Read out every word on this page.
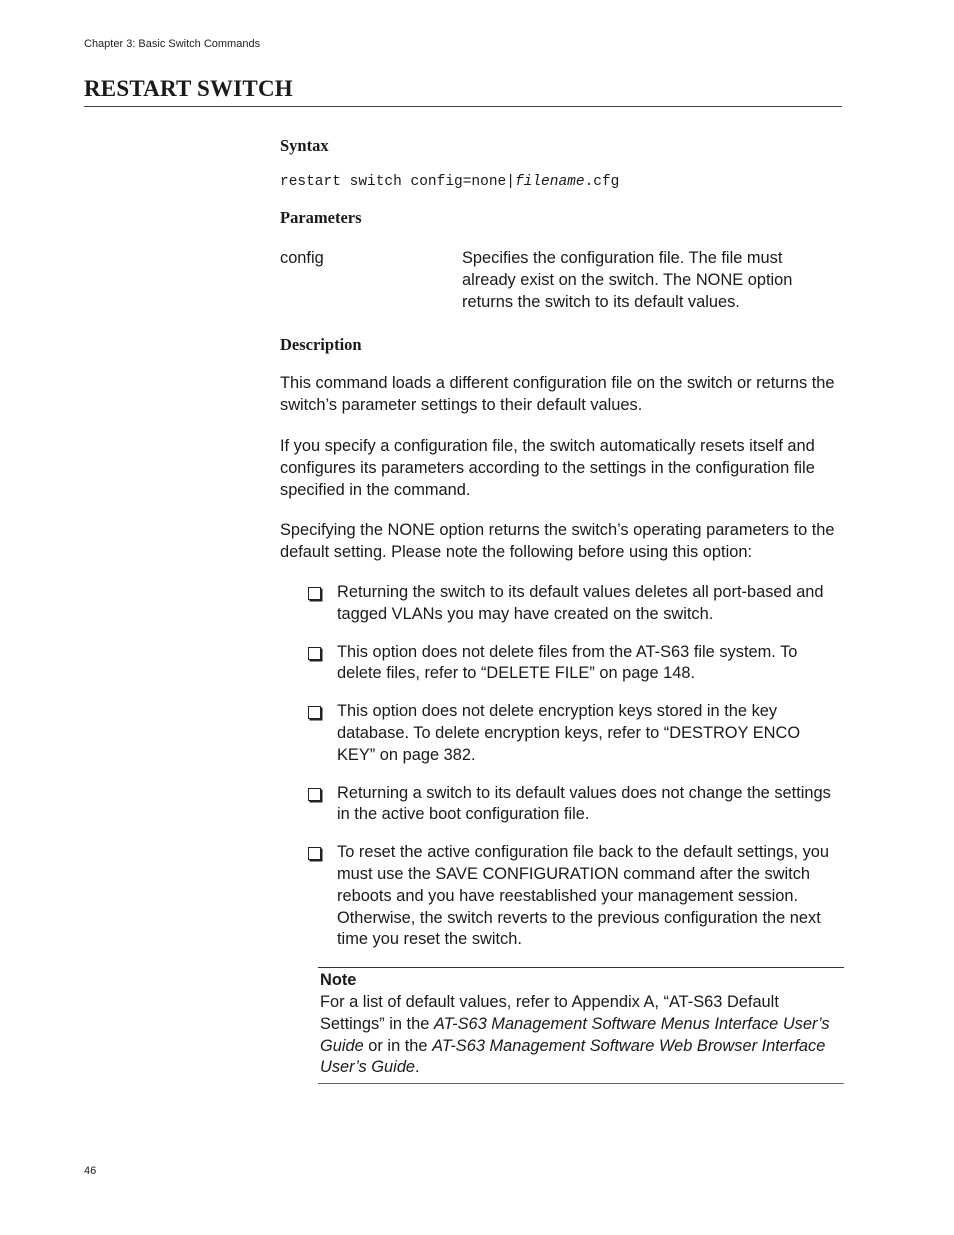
Chapter 3: Basic Switch Commands
RESTART SWITCH
Syntax
restart switch config=none|filename.cfg
Parameters
config	Specifies the configuration file. The file must already exist on the switch. The NONE option returns the switch to its default values.
Description

This command loads a different configuration file on the switch or returns the switch’s parameter settings to their default values.

If you specify a configuration file, the switch automatically resets itself and configures its parameters according to the settings in the configuration file specified in the command.

Specifying the NONE option returns the switch’s operating parameters to the default setting. Please note the following before using this option:

Returning the switch to its default values deletes all port-based and tagged VLANs you may have created on the switch.
This option does not delete files from the AT-S63 file system. To delete files, refer to “DELETE FILE” on page 148.
This option does not delete encryption keys stored in the key database. To delete encryption keys, refer to “DESTROY ENCO KEY” on page 382.
Returning a switch to its default values does not change the settings in the active boot configuration file.
To reset the active configuration file back to the default settings, you must use the SAVE CONFIGURATION command after the switch reboots and you have reestablished your management session. Otherwise, the switch reverts to the previous configuration the next time you reset the switch.
Note
For a list of default values, refer to Appendix A, “AT-S63 Default Settings” in the AT-S63 Management Software Menus Interface User’s Guide or in the AT-S63 Management Software Web Browser Interface User’s Guide.
46
